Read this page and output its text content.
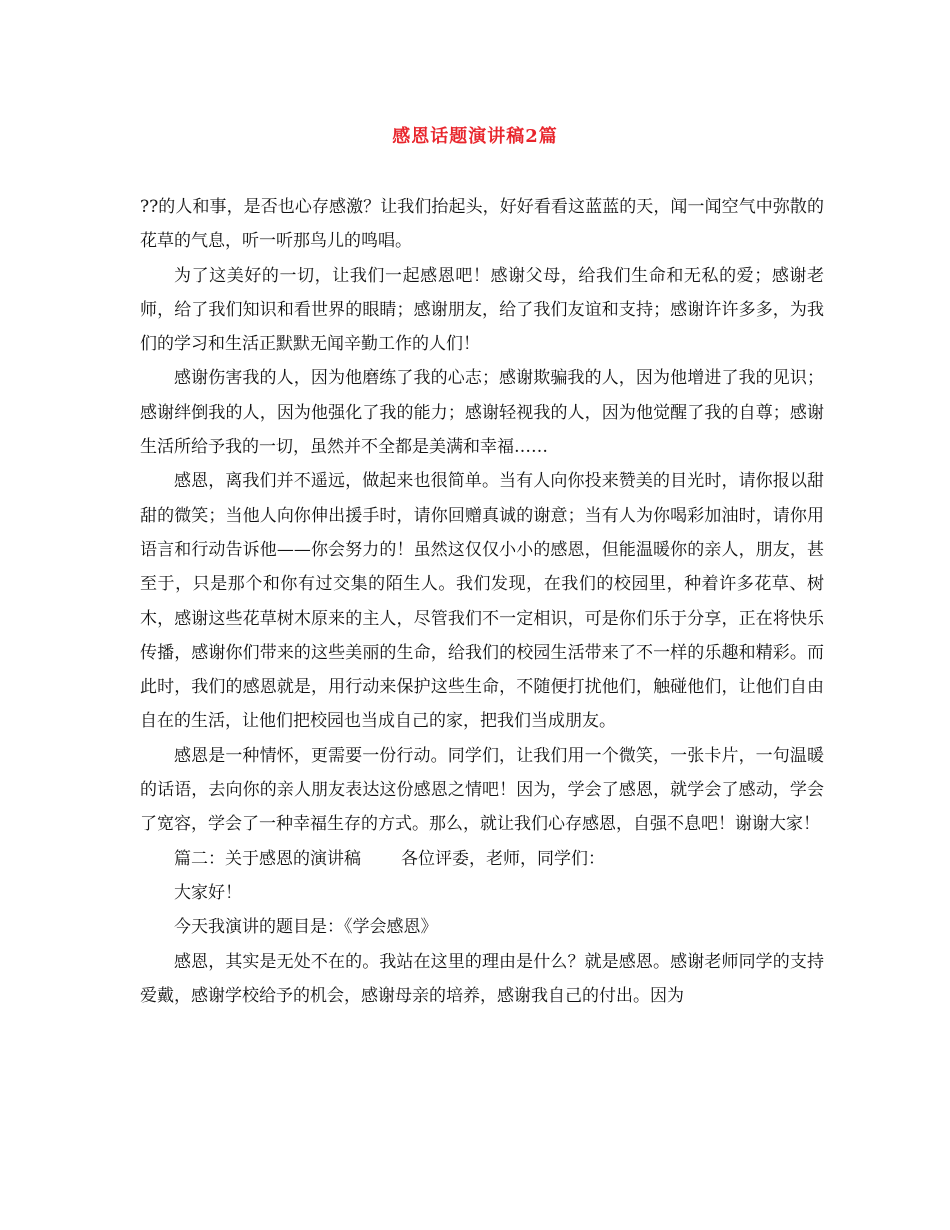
感恩话题演讲稿2篇

??的人和事，是否也心存感激？让我们抬起头，好好看看这蓝蓝的天，闻一闻空气中弥散的花草的气息，听一听那鸟儿的鸣唱。

为了这美好的一切，让我们一起感恩吧！感谢父母，给我们生命和无私的爱；感谢老师，给了我们知识和看世界的眼睛；感谢朋友，给了我们友谊和支持；感谢许许多多，为我们的学习和生活正默默无闻辛勤工作的人们！

感谢伤害我的人，因为他磨练了我的心志；感谢欺骗我的人，因为他增进了我的见识；感谢绊倒我的人，因为他强化了我的能力；感谢轻视我的人，因为他觉醒了我的自尊；感谢生活所给予我的一切，虽然并不全都是美满和幸福……

感恩，离我们并不遥远，做起来也很简单。当有人向你投来赞美的目光时，请你报以甜甜的微笑；当他人向你伸出援手时，请你回赠真诚的谢意；当有人为你喝彩加油时，请你用语言和行动告诉他——你会努力的！虽然这仅仅小小的感恩，但能温暖你的亲人，朋友，甚至于，只是那个和你有过交集的陌生人。我们发现，在我们的校园里，种着许多花草、树木，感谢这些花草树木原来的主人，尽管我们不一定相识，可是你们乐于分享，正在将快乐传播，感谢你们带来的这些美丽的生命，给我们的校园生活带来了不一样的乐趣和精彩。而此时，我们的感恩就是，用行动来保护这些生命，不随便打扰他们，触碰他们，让他们自由自在的生活，让他们把校园也当成自己的家，把我们当成朋友。

感恩是一种情怀，更需要一份行动。同学们，让我们用一个微笑，一张卡片，一句温暖的话语，去向你的亲人朋友表达这份感恩之情吧！因为，学会了感恩，就学会了感动，学会了宽容，学会了一种幸福生存的方式。那么，就让我们心存感恩，自强不息吧！谢谢大家！

篇二：关于感恩的演讲稿 各位评委，老师，同学们：

大家好！

今天我演讲的题目是：《学会感恩》

感恩，其实是无处不在的。我站在这里的理由是什么？就是感恩。感谢老师同学的支持爱戴，感谢学校给予的机会，感谢母亲的培养，感谢我自己的付出。因为
